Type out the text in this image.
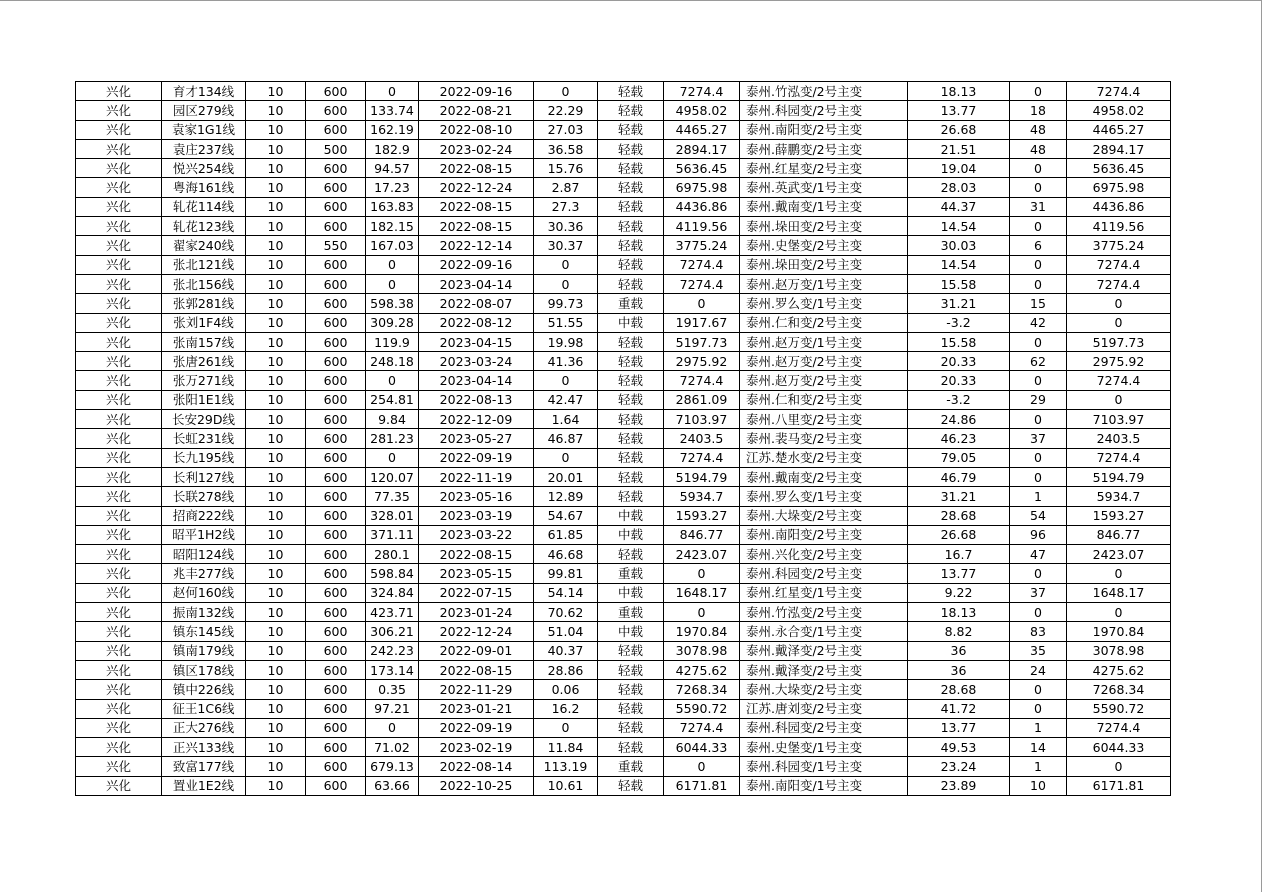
兴化	育才134线	10	600	0	2022-09-16	0	轻载	7274.4	泰州.竹泓变/2号主变	18.13	0	7274.4
兴化	园区279线	10	600	133.74	2022-08-21	22.29	轻载	4958.02	泰州.科园变/2号主变	13.77	18	4958.02
兴化	袁家1G1线	10	600	162.19	2022-08-10	27.03	轻载	4465.27	泰州.南阳变/2号主变	26.68	48	4465.27
兴化	袁庄237线	10	500	182.9	2023-02-24	36.58	轻载	2894.17	泰州.薛鹏变/2号主变	21.51	48	2894.17
兴化	悦兴254线	10	600	94.57	2022-08-15	15.76	轻载	5636.45	泰州.红星变/2号主变	19.04	0	5636.45
兴化	粤海161线	10	600	17.23	2022-12-24	2.87	轻载	6975.98	泰州.英武变/1号主变	28.03	0	6975.98
兴化	轧花114线	10	600	163.83	2022-08-15	27.3	轻载	4436.86	泰州.戴南变/1号主变	44.37	31	4436.86
兴化	轧花123线	10	600	182.15	2022-08-15	30.36	轻载	4119.56	泰州.垛田变/2号主变	14.54	0	4119.56
兴化	翟家240线	10	550	167.03	2022-12-14	30.37	轻载	3775.24	泰州.史堡变/2号主变	30.03	6	3775.24
兴化	张北121线	10	600	0	2022-09-16	0	轻载	7274.4	泰州.垛田变/2号主变	14.54	0	7274.4
兴化	张北156线	10	600	0	2023-04-14	0	轻载	7274.4	泰州.赵万变/1号主变	15.58	0	7274.4
兴化	张郭281线	10	600	598.38	2022-08-07	99.73	重载	0	泰州.罗么变/1号主变	31.21	15	0
兴化	张刘1F4线	10	600	309.28	2022-08-12	51.55	中载	1917.67	泰州.仁和变/2号主变	-3.2	42	0
兴化	张南157线	10	600	119.9	2023-04-15	19.98	轻载	5197.73	泰州.赵万变/1号主变	15.58	0	5197.73
兴化	张唐261线	10	600	248.18	2023-03-24	41.36	轻载	2975.92	泰州.赵万变/2号主变	20.33	62	2975.92
兴化	张万271线	10	600	0	2023-04-14	0	轻载	7274.4	泰州.赵万变/2号主变	20.33	0	7274.4
兴化	张阳1E1线	10	600	254.81	2022-08-13	42.47	轻载	2861.09	泰州.仁和变/2号主变	-3.2	29	0
兴化	长安29D线	10	600	9.84	2022-12-09	1.64	轻载	7103.97	泰州.八里变/2号主变	24.86	0	7103.97
兴化	长虹231线	10	600	281.23	2023-05-27	46.87	轻载	2403.5	泰州.裴马变/2号主变	46.23	37	2403.5
兴化	长九195线	10	600	0	2022-09-19	0	轻载	7274.4	江苏.楚水变/2号主变	79.05	0	7274.4
兴化	长利127线	10	600	120.07	2022-11-19	20.01	轻载	5194.79	泰州.戴南变/2号主变	46.79	0	5194.79
兴化	长联278线	10	600	77.35	2023-05-16	12.89	轻载	5934.7	泰州.罗么变/1号主变	31.21	1	5934.7
兴化	招商222线	10	600	328.01	2023-03-19	54.67	中载	1593.27	泰州.大垛变/2号主变	28.68	54	1593.27
兴化	昭平1H2线	10	600	371.11	2023-03-22	61.85	中载	846.77	泰州.南阳变/2号主变	26.68	96	846.77
兴化	昭阳124线	10	600	280.1	2022-08-15	46.68	轻载	2423.07	泰州.兴化变/2号主变	16.7	47	2423.07
兴化	兆丰277线	10	600	598.84	2023-05-15	99.81	重载	0	泰州.科园变/2号主变	13.77	0	0
兴化	赵何160线	10	600	324.84	2022-07-15	54.14	中载	1648.17	泰州.红星变/1号主变	9.22	37	1648.17
兴化	振南132线	10	600	423.71	2023-01-24	70.62	重载	0	泰州.竹泓变/2号主变	18.13	0	0
兴化	镇东145线	10	600	306.21	2022-12-24	51.04	中载	1970.84	泰州.永合变/1号主变	8.82	83	1970.84
兴化	镇南179线	10	600	242.23	2022-09-01	40.37	轻载	3078.98	泰州.戴泽变/2号主变	36	35	3078.98
兴化	镇区178线	10	600	173.14	2022-08-15	28.86	轻载	4275.62	泰州.戴泽变/2号主变	36	24	4275.62
兴化	镇中226线	10	600	0.35	2022-11-29	0.06	轻载	7268.34	泰州.大垛变/2号主变	28.68	0	7268.34
兴化	征王1C6线	10	600	97.21	2023-01-21	16.2	轻载	5590.72	江苏.唐刘变/2号主变	41.72	0	5590.72
兴化	正大276线	10	600	0	2022-09-19	0	轻载	7274.4	泰州.科园变/2号主变	13.77	1	7274.4
兴化	正兴133线	10	600	71.02	2023-02-19	11.84	轻载	6044.33	泰州.史堡变/1号主变	49.53	14	6044.33
兴化	致富177线	10	600	679.13	2022-08-14	113.19	重载	0	泰州.科园变/1号主变	23.24	1	0
兴化	置业1E2线	10	600	63.66	2022-10-25	10.61	轻载	6171.81	泰州.南阳变/1号主变	23.89	10	6171.81
